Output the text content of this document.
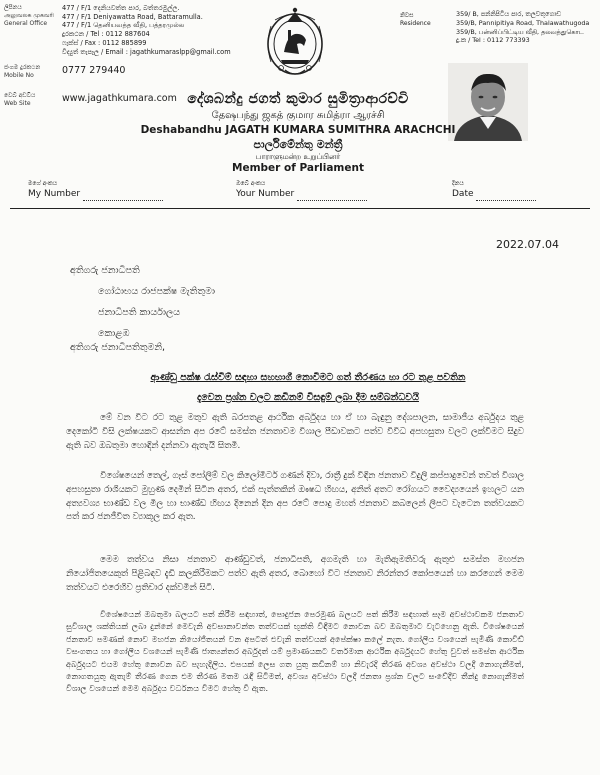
ලිපිනය
அலுவலக முகவரி
General Office
477 / F/1 දෙනියවත්ත පාර, බත්තරමුල්ල.
477 / F/1 Deniyawatta Road, Battaramulla.
477 / F/1 தெனியவத்த வீதி, பத்தரமுல்ல
දුරකථන / Tel : 0112 887604
ෆැක්ස් / Fax : 0112 885899
විද්‍යුත් තැපෑල / Email : jagathkumaraslpp@gmail.com
ජංගම දුරකථන
Mobile No	0777 279440
වෙබ් අඩවිය
Web Site	www.jagathkumara.com
නිවස
Residence
359/ B, පන්නිපිටිය පාර, තලවතුගොඩ
359/B, Pannipitiya Road, Thalawathugoda
359/B, பன்னிப்பிட்டிய வீதி, தலவத்துகொட
දු.ක / Tel : 0112 773393
දේශබන්දු ජගත් කුමාර සුමිත්‍රාආරච්චි
தேஷபந்து ஜகத் குமார சுமித்ரா ஆரச்சி
Deshabandhu JAGATH KUMARA SUMITHRA ARACHCHI
පාර්ලිමේන්තු මන්ත්‍රී
பாராளுமன்ற உறுப்பினர்
Member of Parliament
මගේ අංකය
My Number
ඔබේ අංකය
Your Number
දිනය
Date
2022.07.04
අතිගරු ජනාධිපති
ගෝඨාභය රාජපක්ෂ මැතිතුමා
ජනාධිපති කාර්යාලය
කොළඹ
අතිගරු ජනාධිපතිතුමනි,
ආණ්ඩු පක්ෂ රැස්වීම් සඳහා සහභාගී නොවීමට ගත් තීරණය හා රට තුළ පවතින
දැවෙන ප්‍රශ්න වලට කඩිනම් විසඳුම් ලබා දීම සම්බන්ධවයි
මේ වන විට රට තුළ මතුව ඇති බරපතළ ආර්ථික අර්බුදය හා ඒ හා බැඳුනු දේශපාලන, සාමාජීය අර්බුදය තුළ දෙකෝටි විසි ලක්ෂයකට ආසන්න අප රටේ සමස්ත ජනතාවම විශාල පීඩාවකට පත්ව විවිධ අපහසුතා වලට ලක්වීමට සිදුව ඇති බව ඔබතුමා හොඳින් දන්නවා ඇතැයි සිතමි.
විශේෂයෙන් තෙල්, ගෑස් පෝලිම් වල කිලෝමීටර් ගණන් දිවා, රාත්‍රී දුක් විඳින ජනතාව විදුලි කප්පාදුවෙන් තවත් විශාල අපහසුතා රාශියකට මුහුණ දෙමින් සිටින අතර, එක් පැත්තකින් ඖෂධ හිඟය, අනිත් අතට රෝගයට වෛද්‍යයෙන් ඉහලට යන අත්‍යවශ්‍ය භාණ්ඩ වල මිල හා භාණ්ඩ හිඟය දිනෙන් දින අප රටේ පොදු මහත් ජනතාව කබලෙන් ලිපට වැටෙන තත්වයකට පත් කර ජනජීවිත ව්‍යාකූල කර ඇත.
මෙම තත්වය නිසා ජනතාව ආණ්ඩුවත්, ජනාධිපති, අගමැති හා මැතිඇමතිවරු ඇතුළු සමස්ත මහජන නියෝජිතයෙකුත් පිළිබඳව දැඩි කලකිරීමකට පත්ව ඇති අතර, බොහෝ විට ජනතාව නිරන්තර කෝපයෙන් හා කරගෙන් මෙම තත්වයට එරෙහිව ප්‍රතිචාර දක්වමින් සිටී.
විශේෂයෙන් ඔබතුමා බලයට පත් කිරීම සඳහාත්, පොදුජන පෙරමුණ බලයට පත් කිරීම සඳහාත් සෑම අවස්ථාවකම ජනතාව සුවිශාල ශක්තියක් ලබා දුන්නේ මෙවැනි අවසානාවන්ත තත්වයක් භුක්ති විඳීමට නොවන බව ඔබතුමාට වැටහෙනු ඇති. විශේෂයෙන් ජනතාව පමණක් නොව මහජන නියෝජිතයන් වන අපටත් එවැනි තත්වයක් අපේක්ෂා කලේ නැත. ගෝලීය වශයෙන් පැමිණි කොවිඩ් වසංගතය හා ගෝලීය වශයෙන් පැමිණි ජාත්‍යන්තර අර්බුදත් යම් ප්‍රමාණයකට වර්තමාන ආර්ථික අර්බුදයට හේතු වුවත් සමස්ත ආර්ථික අර්බුදයට එයම හේතු නොවන බව පැහැදිලිය. එපයක් ලෙස ගත යුතු කඩිනම් හා නිවැරදි තීරණ අවශ්‍ය අවස්ථා වලදී නොගැනීමත්, නොගතයුතු ඇතැම් තීරණ ගෙන එම තීරණ මතම රැඳී සිටීමත්, අවශ්‍ය අවස්ථා වලදී ජනතා ප්‍රශ්න වලට සංවේදීව තීන්දු නොගැනීමත් විශාල වශයෙන් මෙම අර්බුදය වර්ධනය වීමට හේතු වී ඇත.
